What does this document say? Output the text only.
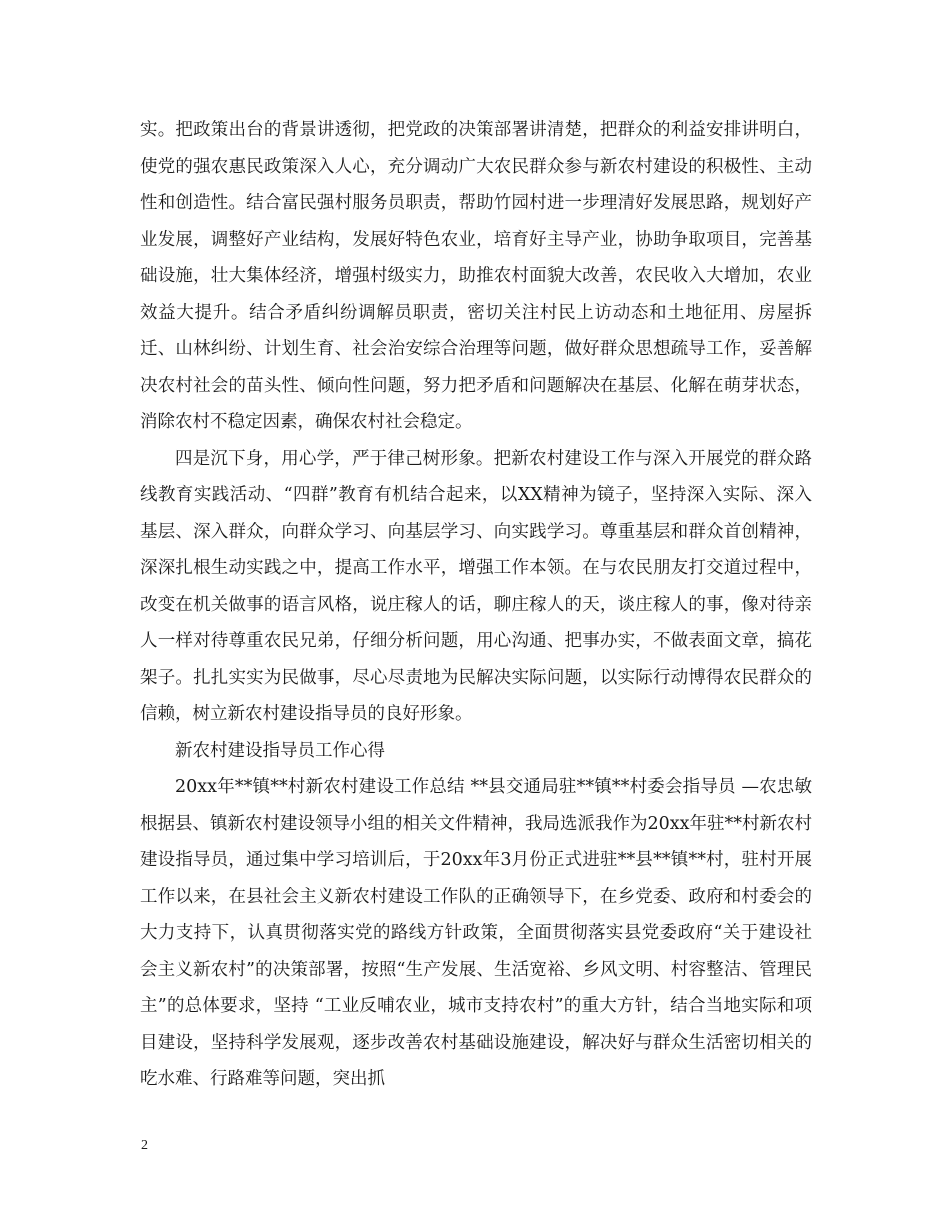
实。把政策出台的背景讲透彻，把党政的决策部署讲清楚，把群众的利益安排讲明白，使党的强农惠民政策深入人心，充分调动广大农民群众参与新农村建设的积极性、主动性和创造性。结合富民强村服务员职责，帮助竹园村进一步理清好发展思路，规划好产业发展，调整好产业结构，发展好特色农业，培育好主导产业，协助争取项目，完善基础设施，壮大集体经济，增强村级实力，助推农村面貌大改善，农民收入大增加，农业效益大提升。结合矛盾纠纷调解员职责，密切关注村民上访动态和土地征用、房屋拆迁、山林纠纷、计划生育、社会治安综合治理等问题，做好群众思想疏导工作，妥善解决农村社会的苗头性、倾向性问题，努力把矛盾和问题解决在基层、化解在萌芽状态，消除农村不稳定因素，确保农村社会稳定。

四是沉下身，用心学，严于律己树形象。把新农村建设工作与深入开展党的群众路线教育实践活动、“四群”教育有机结合起来，以XX精神为镜子，坚持深入实际、深入基层、深入群众，向群众学习、向基层学习、向实践学习。尊重基层和群众首创精神，深深扎根生动实践之中，提高工作水平，增强工作本领。在与农民朋友打交道过程中，改变在机关做事的语言风格，说庄稼人的话，聊庄稼人的天，谈庄稼人的事，像对待亲人一样对待尊重农民兄弟，仔细分析问题，用心沟通、把事办实，不做表面文章，搞花架子。扎扎实实为民做事，尽心尽责地为民解决实际问题，以实际行动博得农民群众的信赖，树立新农村建设指导员的良好形象。

新农村建设指导员工作心得

20xx年**镇**村新农村建设工作总结 **县交通局驻**镇**村委会指导员 —农忠敏 根据县、镇新农村建设领导小组的相关文件精神，我局选派我作为20xx年驻**村新农村建设指导员，通过集中学习培训后，于20xx年3月份正式进驻**县**镇**村，驻村开展工作以来，在县社会主义新农村建设工作队的正确领导下，在乡党委、政府和村委会的大力支持下，认真贯彻落实党的路线方针政策，全面贯彻落实县党委政府“关于建设社会主义新农村”的决策部署，按照“生产发展、生活宽裕、乡风文明、村容整洁、管理民主”的总体要求，坚持 “工业反哺农业，城市支持农村”的重大方针，结合当地实际和项目建设，坚持科学发展观，逐步改善农村基础设施建设，解决好与群众生活密切相关的吃水难、行路难等问题，突出抓

2
